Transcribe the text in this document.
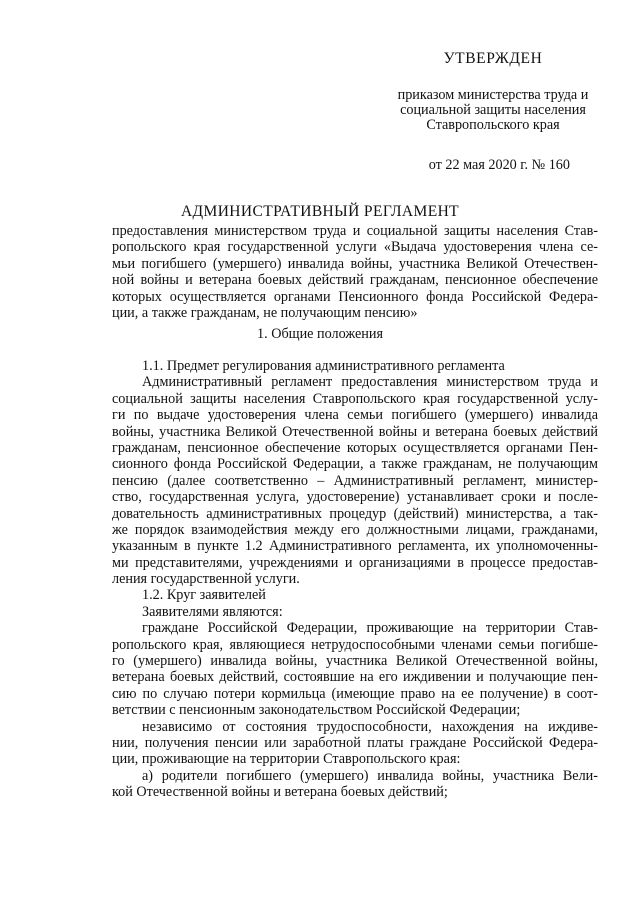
УТВЕРЖДЕН
приказом министерства труда и
социальной защиты населения
Ставропольского края
от 22 мая 2020 г. № 160
АДМИНИСТРАТИВНЫЙ РЕГЛАМЕНТ
предоставления министерством труда и социальной защиты населения Став-
ропольского края государственной услуги «Выдача удостоверения члена се-
мьи погибшего (умершего) инвалида войны, участника Великой Отечествен-
ной войны и ветерана боевых действий гражданам, пенсионное обеспечение
которых осуществляется органами Пенсионного фонда Российской Федера-
ции, а также гражданам, не получающим пенсию»
1. Общие положения
1.1. Предмет регулирования административного регламента
Административный регламент предоставления министерством труда и
социальной защиты населения Ставропольского края государственной услу-
ги по выдаче удостоверения члена семьи погибшего (умершего) инвалида
войны, участника Великой Отечественной войны и ветерана боевых действий
гражданам, пенсионное обеспечение которых осуществляется органами Пен-
сионного фонда Российской Федерации, а также гражданам, не получающим
пенсию (далее соответственно – Административный регламент, министер-
ство, государственная услуга, удостоверение) устанавливает сроки и после-
довательность административных процедур (действий) министерства, а так-
же порядок взаимодействия между его должностными лицами, гражданами,
указанным в пункте 1.2 Административного регламента, их уполномоченны-
ми представителями, учреждениями и организациями в процессе предостав-
ления государственной услуги.
1.2. Круг заявителей
Заявителями являются:
граждане Российской Федерации, проживающие на территории Став-
ропольского края, являющиеся нетрудоспособными членами семьи погибше-
го (умершего) инвалида войны, участника Великой Отечественной войны,
ветерана боевых действий, состоявшие на его иждивении и получающие пен-
сию по случаю потери кормильца (имеющие право на ее получение) в соот-
ветствии с пенсионным законодательством Российской Федерации;
независимо от состояния трудоспособности, нахождения на иждиве-
нии, получения пенсии или заработной платы граждане Российской Федера-
ции, проживающие на территории Ставропольского края:
а) родители погибшего (умершего) инвалида войны, участника Вели-
кой Отечественной войны и ветерана боевых действий;
